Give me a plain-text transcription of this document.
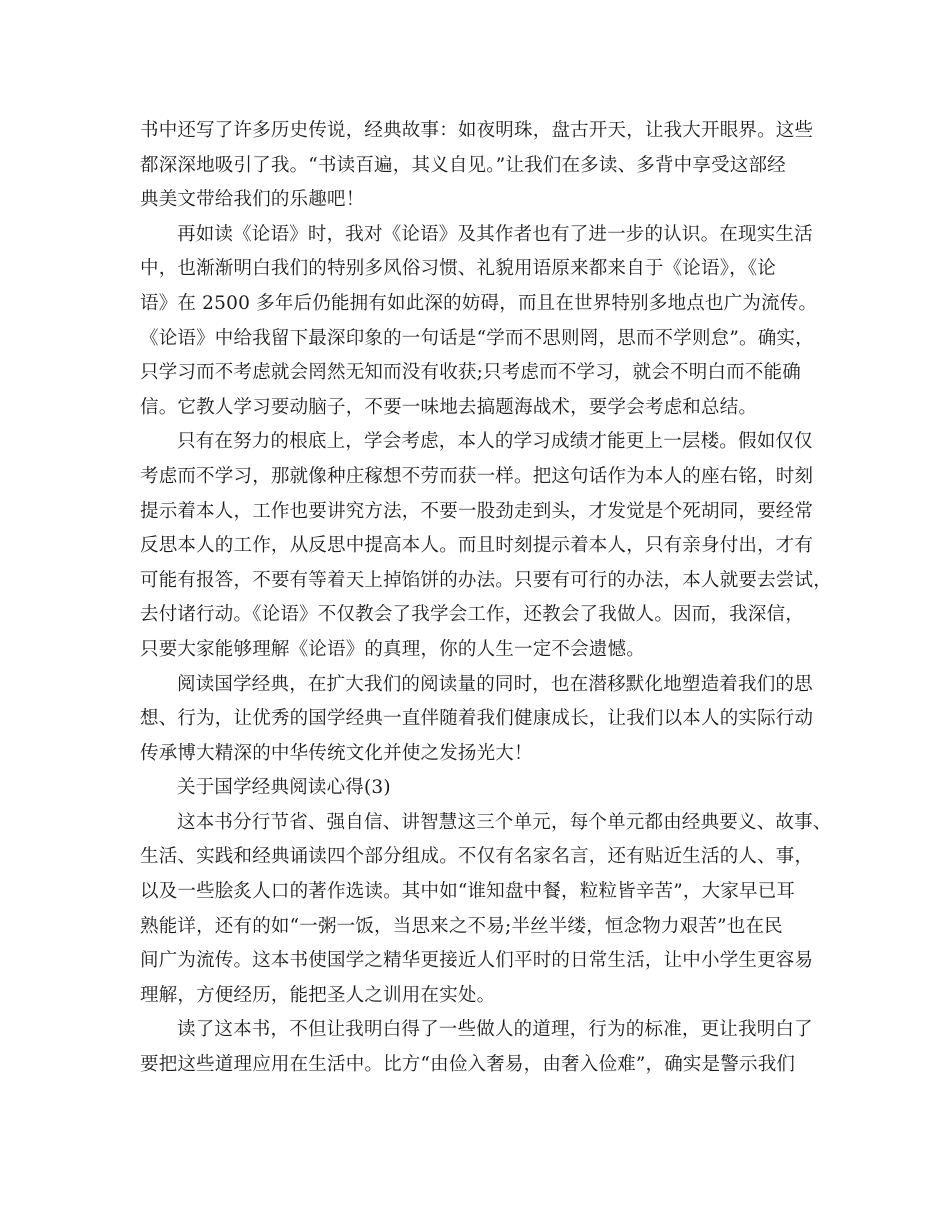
书中还写了许多历史传说，经典故事：如夜明珠，盘古开天，让我大开眼界。这些
都深深地吸引了我。“书读百遍，其义自见。”让我们在多读、多背中享受这部经
典美文带给我们的乐趣吧！
再如读《论语》时，我对《论语》及其作者也有了进一步的认识。在现实生活
中，也渐渐明白我们的特别多风俗习惯、礼貌用语原来都来自于《论语》，《论
语》在 2500 多年后仍能拥有如此深的妨碍，而且在世界特别多地点也广为流传。
《论语》中给我留下最深印象的一句话是“学而不思则罔，思而不学则怠”。确实，
只学习而不考虑就会罔然无知而没有收获;只考虑而不学习，就会不明白而不能确
信。它教人学习要动脑子，不要一味地去搞题海战术，要学会考虑和总结。
只有在努力的根底上，学会考虑，本人的学习成绩才能更上一层楼。假如仅仅
考虑而不学习，那就像种庄稼想不劳而获一样。把这句话作为本人的座右铭，时刻
提示着本人，工作也要讲究方法，不要一股劲走到头，才发觉是个死胡同，要经常
反思本人的工作，从反思中提高本人。而且时刻提示着本人，只有亲身付出，才有
可能有报答，不要有等着天上掉馅饼的办法。只要有可行的办法，本人就要去尝试，
去付诸行动。《论语》不仅教会了我学会工作，还教会了我做人。因而，我深信，
只要大家能够理解《论语》的真理，你的人生一定不会遗憾。
阅读国学经典，在扩大我们的阅读量的同时，也在潜移默化地塑造着我们的思
想、行为，让优秀的国学经典一直伴随着我们健康成长，让我们以本人的实际行动
传承博大精深的中华传统文化并使之发扬光大！
关于国学经典阅读心得(3)
这本书分行节省、强自信、讲智慧这三个单元，每个单元都由经典要义、故事、
生活、实践和经典诵读四个部分组成。不仅有名家名言，还有贴近生活的人、事，
以及一些脍炙人口的著作选读。其中如“谁知盘中餐，粒粒皆辛苦”，大家早已耳
熟能详，还有的如“一粥一饭，当思来之不易;半丝半缕，恒念物力艰苦”也在民
间广为流传。这本书使国学之精华更接近人们平时的日常生活，让中小学生更容易
理解，方便经历，能把圣人之训用在实处。
读了这本书，不但让我明白得了一些做人的道理，行为的标准，更让我明白了
要把这些道理应用在生活中。比方“由俭入奢易，由奢入俭难”，确实是警示我们
